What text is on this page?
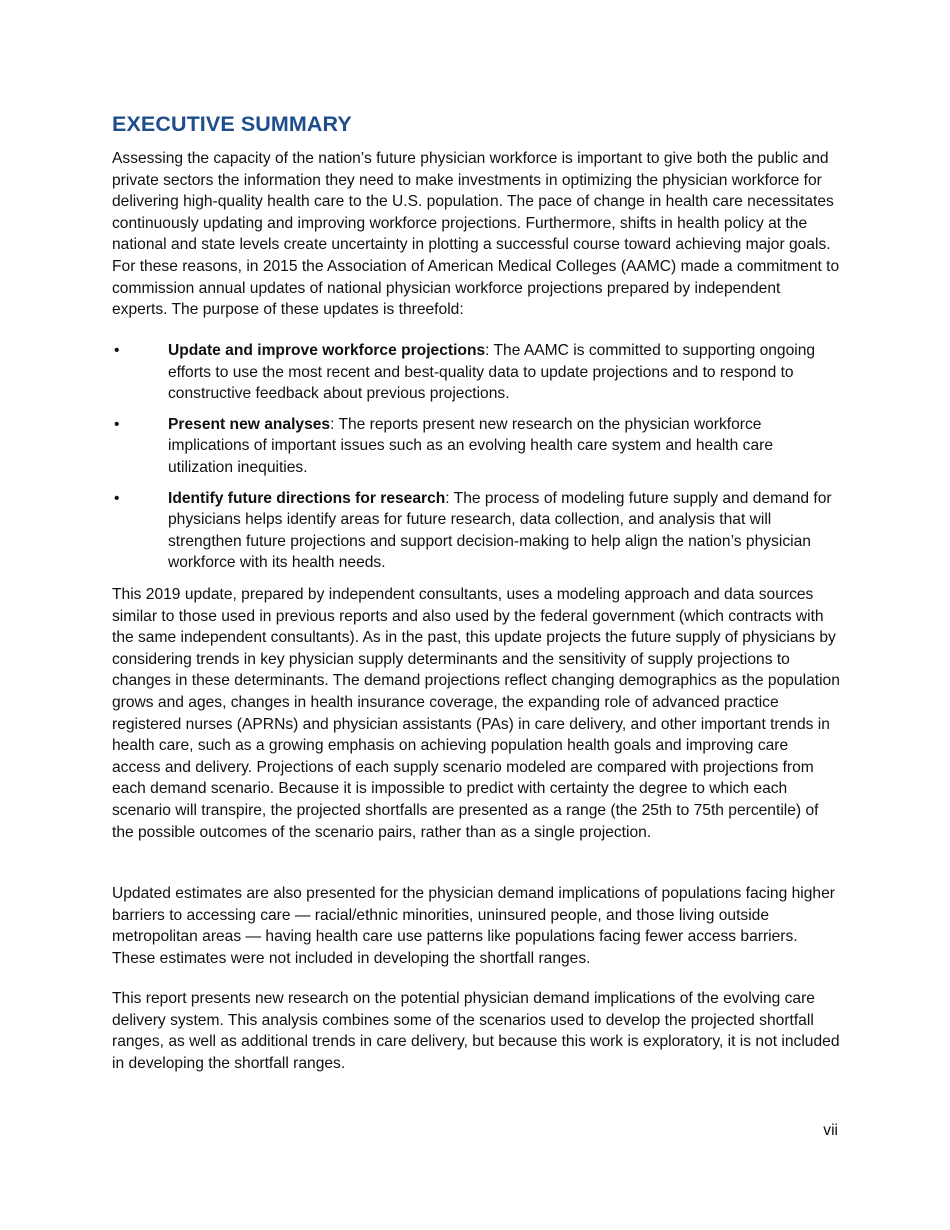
EXECUTIVE SUMMARY

Assessing the capacity of the nation’s future physician workforce is important to give both the public and private sectors the information they need to make investments in optimizing the physician workforce for delivering high-quality health care to the U.S. population. The pace of change in health care necessitates continuously updating and improving workforce projections. Furthermore, shifts in health policy at the national and state levels create uncertainty in plotting a successful course toward achieving major goals. For these reasons, in 2015 the Association of American Medical Colleges (AAMC) made a commitment to commission annual updates of national physician workforce projections prepared by independent experts. The purpose of these updates is threefold:

•	Update and improve workforce projections: The AAMC is committed to supporting ongoing efforts to use the most recent and best-quality data to update projections and to respond to constructive feedback about previous projections.
•	Present new analyses: The reports present new research on the physician workforce implications of important issues such as an evolving health care system and health care utilization inequities.
•	Identify future directions for research: The process of modeling future supply and demand for physicians helps identify areas for future research, data collection, and analysis that will strengthen future projections and support decision-making to help align the nation’s physician workforce with its health needs.

This 2019 update, prepared by independent consultants, uses a modeling approach and data sources similar to those used in previous reports and also used by the federal government (which contracts with the same independent consultants). As in the past, this update projects the future supply of physicians by considering trends in key physician supply determinants and the sensitivity of supply projections to changes in these determinants. The demand projections reflect changing demographics as the population grows and ages, changes in health insurance coverage, the expanding role of advanced practice registered nurses (APRNs) and physician assistants (PAs) in care delivery, and other important trends in health care, such as a growing emphasis on achieving population health goals and improving care access and delivery. Projections of each supply scenario modeled are compared with projections from each demand scenario. Because it is impossible to predict with certainty the degree to which each scenario will transpire, the projected shortfalls are presented as a range (the 25th to 75th percentile) of the possible outcomes of the scenario pairs, rather than as a single projection.

Updated estimates are also presented for the physician demand implications of populations facing higher barriers to accessing care — racial/ethnic minorities, uninsured people, and those living outside metropolitan areas — having health care use patterns like populations facing fewer access barriers. These estimates were not included in developing the shortfall ranges.

This report presents new research on the potential physician demand implications of the evolving care delivery system. This analysis combines some of the scenarios used to develop the projected shortfall ranges, as well as additional trends in care delivery, but because this work is exploratory, it is not included in developing the shortfall ranges.

vii
